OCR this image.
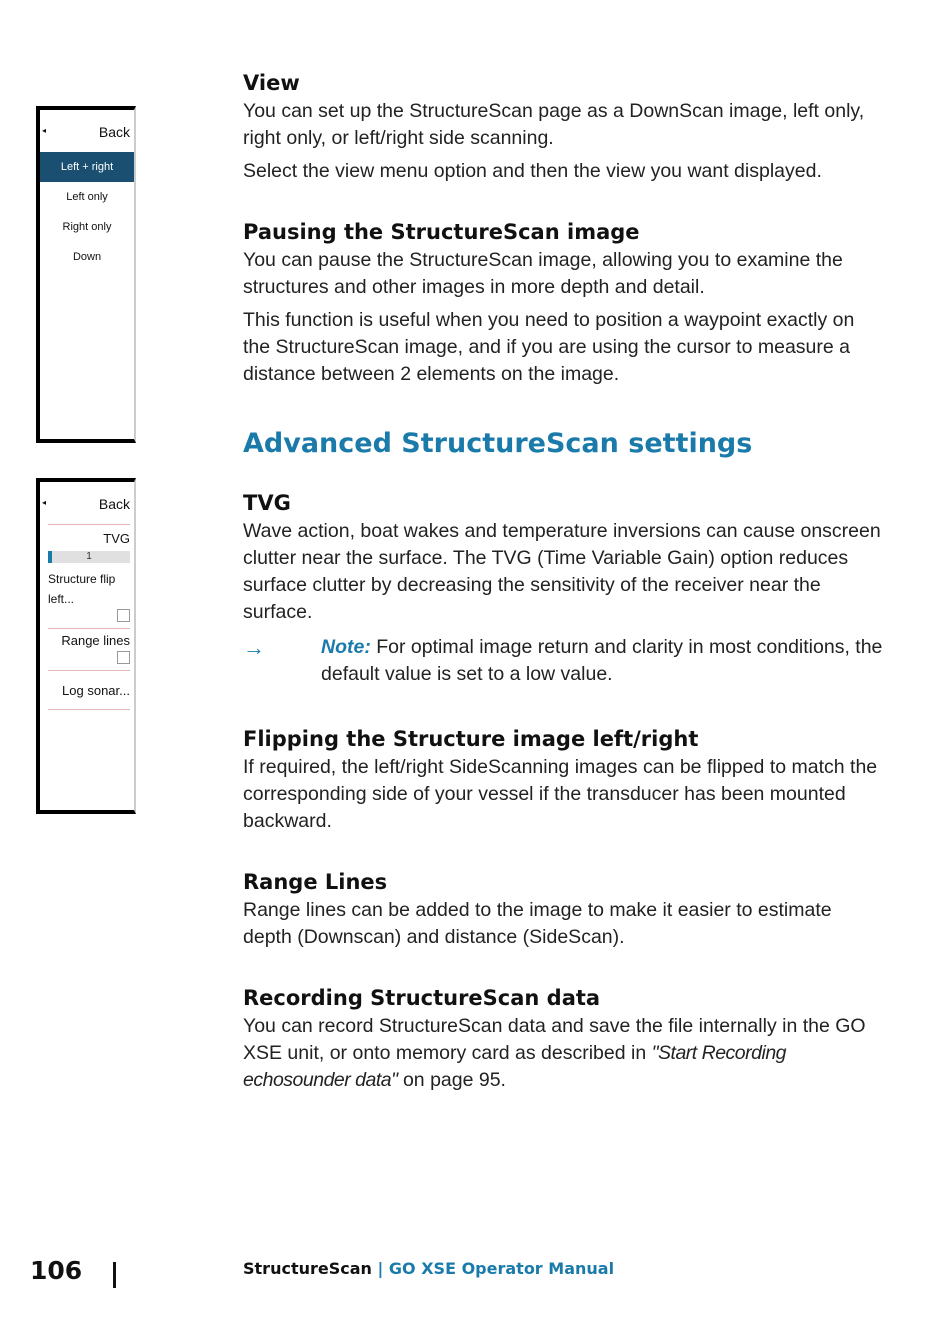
◂	Back
Left + right
Left only
Right only
Down
◂	Back
TVG
1
Structure flip left...
Range lines
Log sonar...
View

You can set up the StructureScan page as a DownScan image, left only, right only, or left/right side scanning.

Select the view menu option and then the view you want displayed.

Pausing the StructureScan image

You can pause the StructureScan image, allowing you to examine the structures and other images in more depth and detail.

This function is useful when you need to position a waypoint exactly on the StructureScan image, and if you are using the cursor to measure a distance between 2 elements on the image.

Advanced StructureScan settings
TVG

Wave action, boat wakes and temperature inversions can cause onscreen clutter near the surface. The TVG (Time Variable Gain) option reduces surface clutter by decreasing the sensitivity of the receiver near the surface.

→	Note: For optimal image return and clarity in most conditions, the default value is set to a low value.
Flipping the Structure image left/right

If required, the left/right SideScanning images can be flipped to match the corresponding side of your vessel if the transducer has been mounted backward.

Range Lines

Range lines can be added to the image to make it easier to estimate depth (Downscan) and distance (SideScan).

Recording StructureScan data

You can record StructureScan data and save the file internally in the GO XSE unit, or onto memory card as described in "Start Recording echosounder data" on page 95.

106	StructureScan | GO XSE Operator Manual
